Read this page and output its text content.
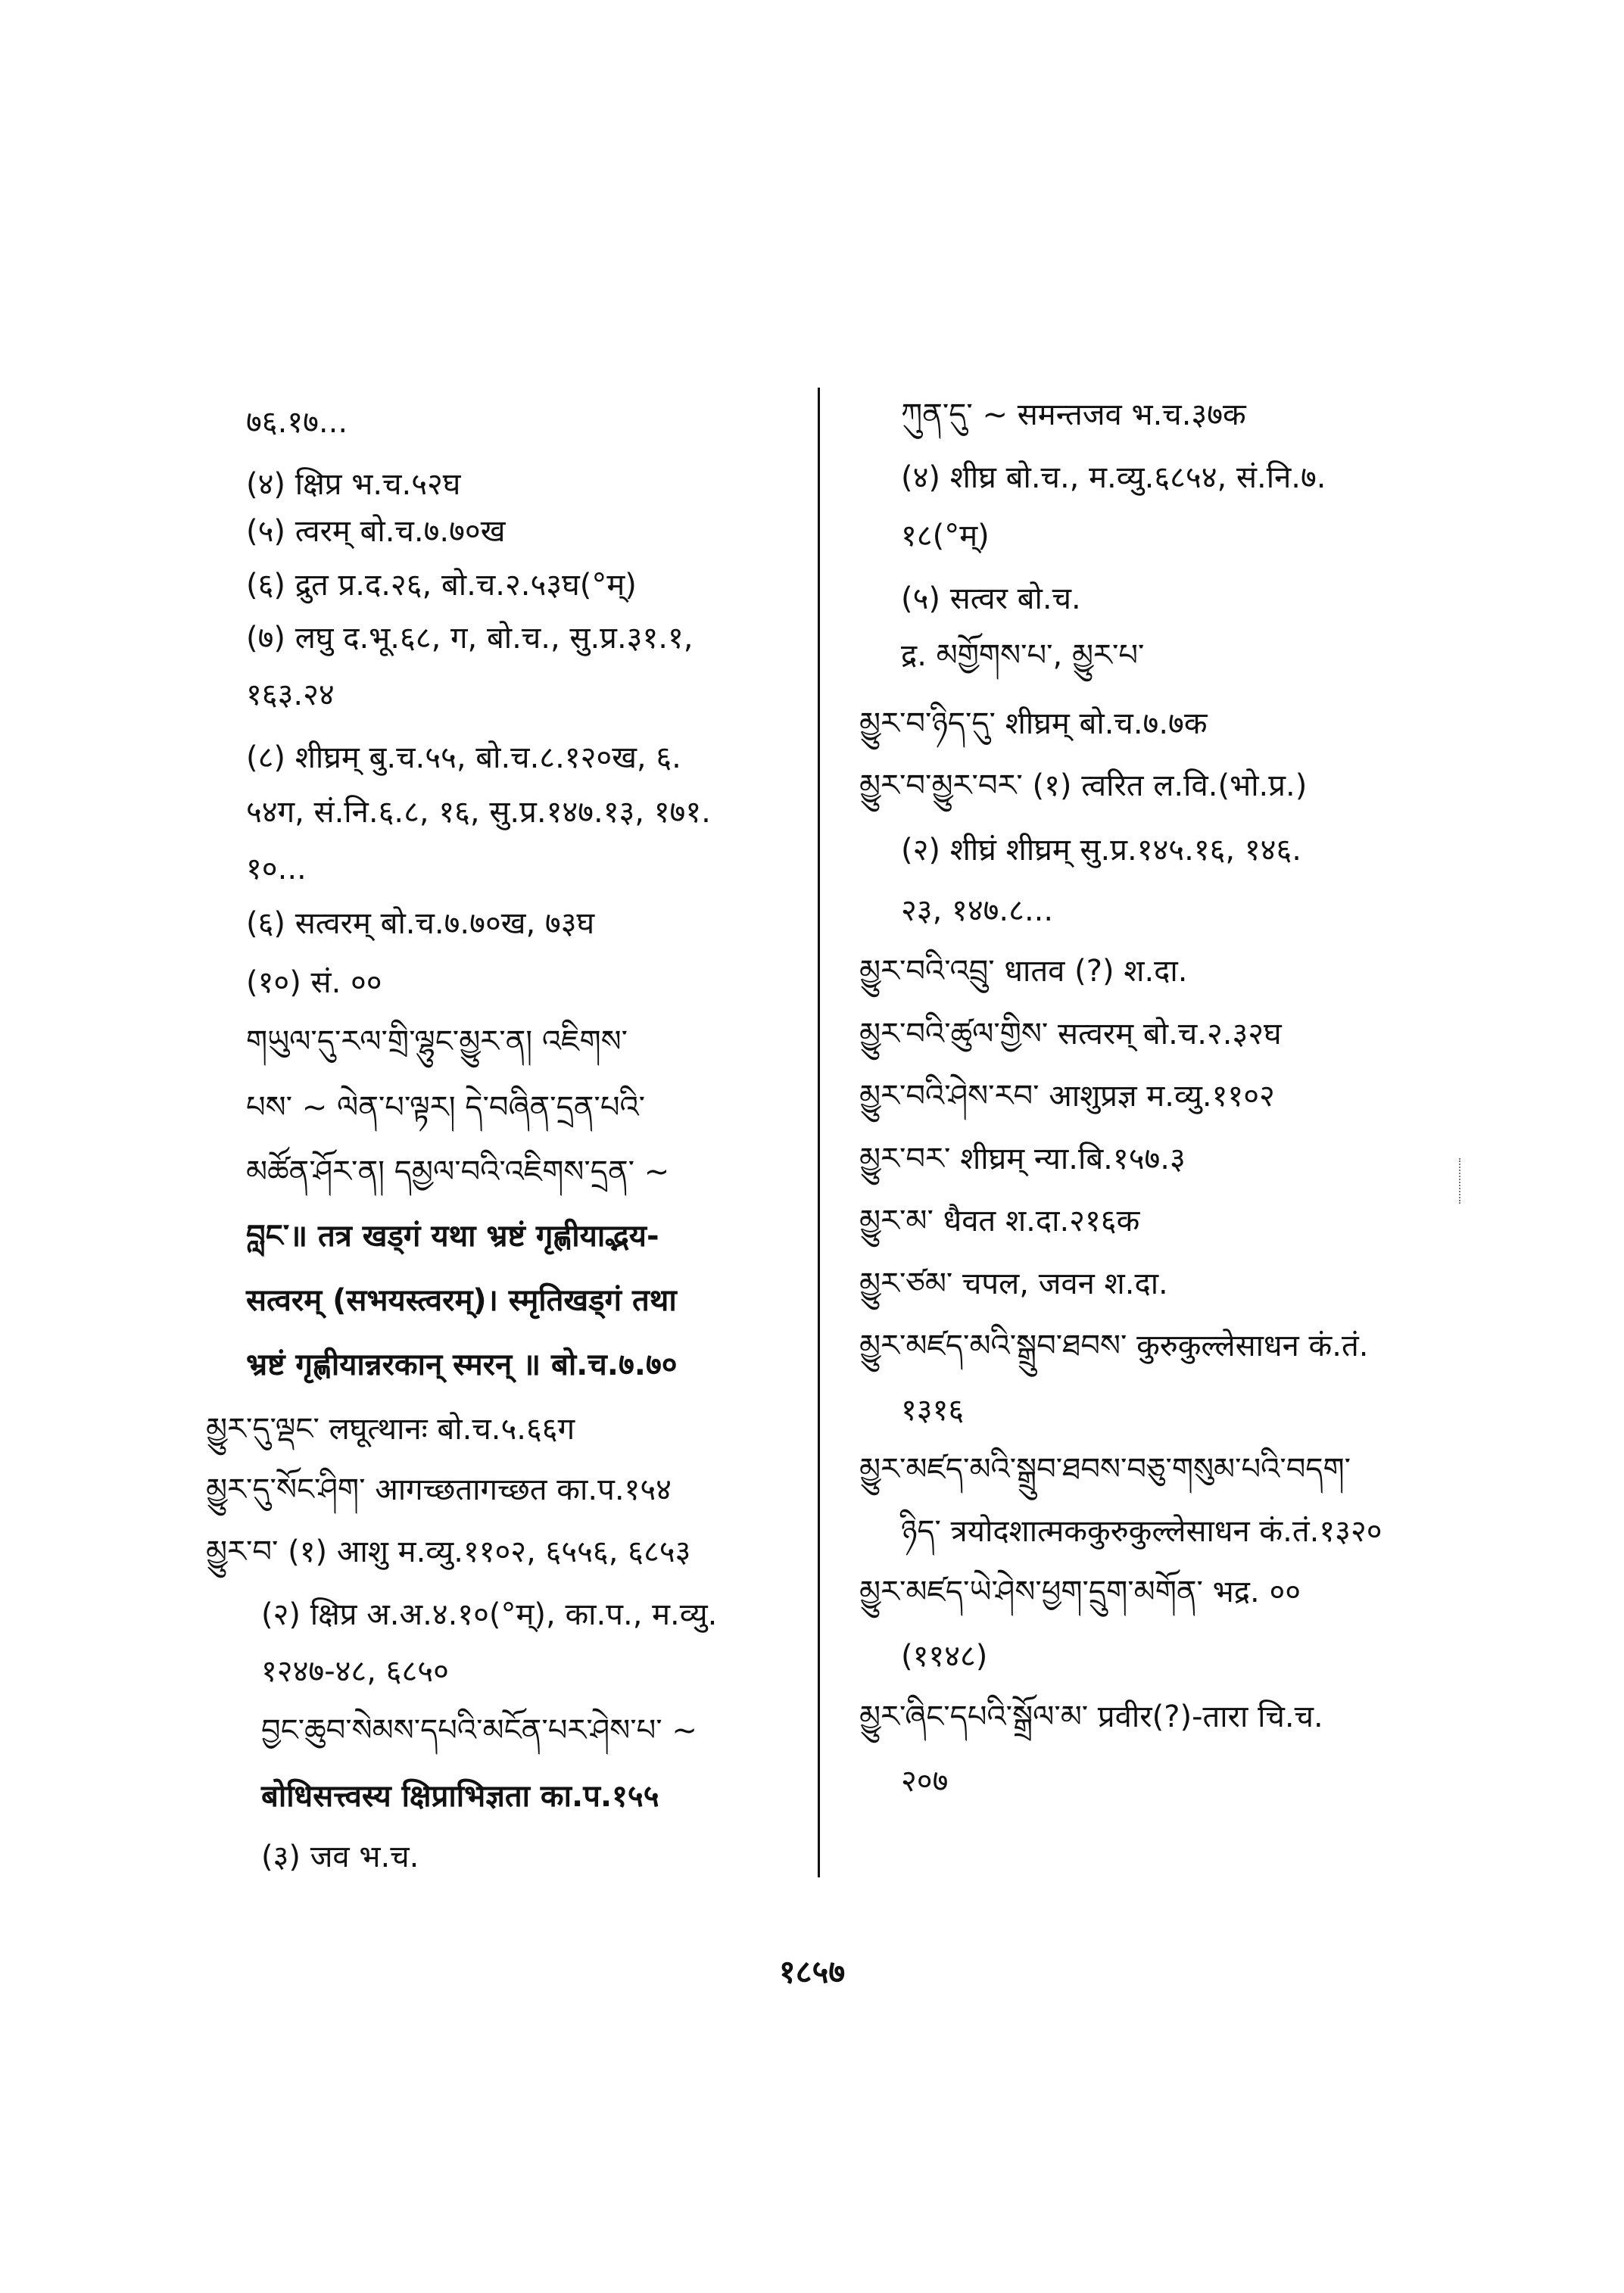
१८५७
७६.१७...
(४) क्षिप्र भ.च.५२घ
(५) त्वरम् बो.च.७.७०ख
(६) द्रुत प्र.द.२६, बो.च.२.५३घ(°म्)
(७) लघु द.भू.६८, ग, बो.च., सु.प्र.३१.१,
१६३.२४
(८) शीघ्रम् बु.च.५५, बो.च.८.१२०ख, ६.
५४ग, सं.नि.६.८, १६, सु.प्र.१४७.१३, १७१.
१०...
(६) सत्वरम् बो.च.७.७०ख, ७३घ
(१०) सं. ००
གཡུལ་དུ་རལ་གྲི་ལྷུང་མྱུར་ན། འཇིགས་
པས་ ~ ལེན་པ་ལྟར། དེ་བཞིན་དྲན་པའི་
མཚོན་ཤོར་ན། དམྱལ་བའི་འཇིགས་དྲན་ ~
བླང་॥ तत्र खड्गं यथा भ्रष्टं गृह्णीयाद्भय-
सत्वरम् (सभयस्त्वरम्)। स्मृतिखड्गं तथा
भ्रष्टं गृह्णीयान्नरकान् स्मरन् ॥ बो.च.७.७०
མྱུར་དུ་ལྡང་ लघूत्थानः बो.च.५.६६ग
མྱུར་དུ་སོང་ཤིག་ आगच्छतागच्छत का.प.१५४
མྱུར་བ་ (१) आशु म.व्यु.११०२, ६५५६, ६८५३
(२) क्षिप्र अ.अ.४.१०(°म्), का.प., म.व्यु.
१२४७-४८, ६८५०
བྱང་ཆུབ་སེམས་དཔའི་མངོན་པར་ཤེས་པ་ ~
बोधिसत्त्वस्य क्षिप्राभिज्ञता का.प.१५५
(३) जव भ.च.
ཀུན་དུ་ ~ समन्तजव भ.च.३७क
(४) शीघ्र बो.च., म.व्यु.६८५४, सं.नि.७.
१८(°म्)
(५) सत्वर बो.च.
द्र. མགྱོགས་པ་, མྱུར་པ་
མྱུར་བ་ཉིད་དུ་ शीघ्रम् बो.च.७.७क
མྱུར་བ་མྱུར་བར་ (१) त्वरित ल.वि.(भो.प्र.)
(२) शीघ्रं शीघ्रम् सु.प्र.१४५.१६, १४६.
२३, १४७.८...
མྱུར་བའི་འབྲུ་ धातव (?) श.दा.
མྱུར་བའི་ཚུལ་གྱིས་ सत्वरम् बो.च.२.३२घ
མྱུར་བའི་ཤེས་རབ་ आशुप्रज्ञ म.व्यु.११०२
མྱུར་བར་ शीघ्रम् न्या.बि.१५७.३
མྱུར་མ་ धैवत श.दा.२१६क
མྱུར་ཙམ་ चपल, जवन श.दा.
མྱུར་མཛད་མའི་སྒྲུབ་ཐབས་ कुरुकुल्लेसाधन कं.तं.
१३१६
མྱུར་མཛད་མའི་སྒྲུབ་ཐབས་བཅུ་གསུམ་པའི་བདག་
ཉིད་ त्रयोदशात्मककुरुकुल्लेसाधन कं.तं.१३२०
མྱུར་མཛད་ཡེ་ཤེས་ཕྱག་དྲུག་མགོན་ भद्र. ००
(११४८)
མྱུར་ཞིང་དཔའི་སྒྲོལ་མ་ प्रवीर(?)-तारा चि.च.
२०७
